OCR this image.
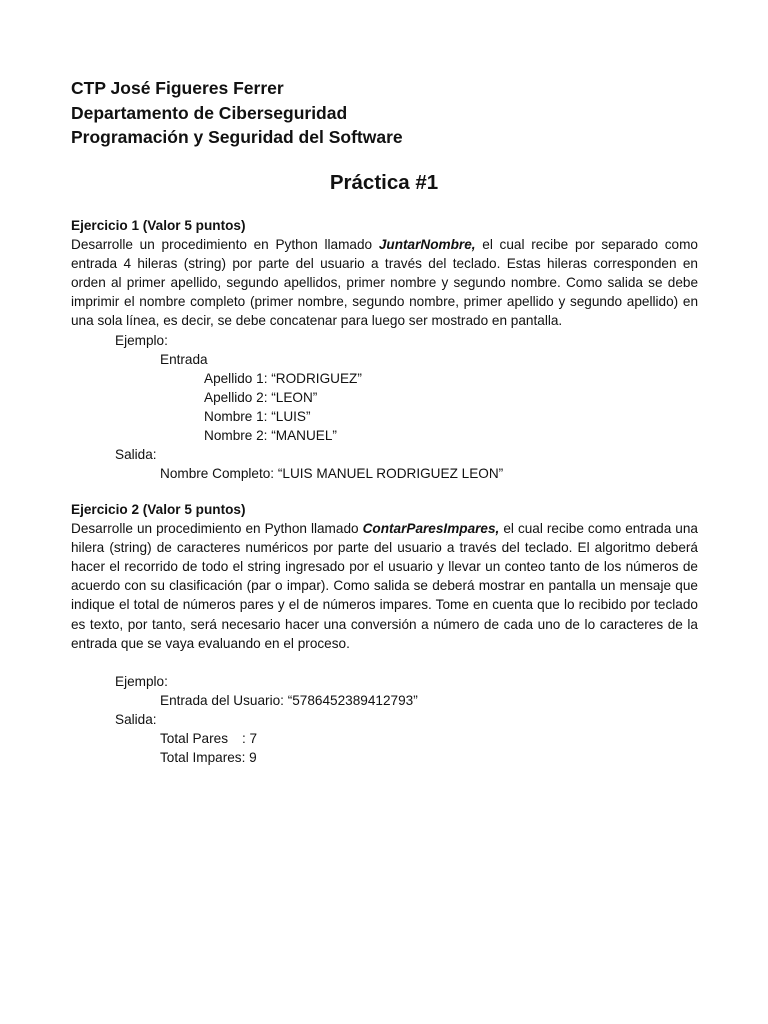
CTP José Figueres Ferrer
Departamento de Ciberseguridad
Programación y Seguridad del Software
Práctica #1
Ejercicio 1 (Valor 5 puntos)

Desarrolle un procedimiento en Python llamado JuntarNombre, el cual recibe por separado como entrada 4 hileras (string) por parte del usuario a través del teclado. Estas hileras corresponden en orden al primer apellido, segundo apellidos, primer nombre y segundo nombre. Como salida se debe imprimir el nombre completo (primer nombre, segundo nombre, primer apellido y segundo apellido) en una sola línea, es decir, se debe concatenar para luego ser mostrado en pantalla.

Ejemplo:
Entrada
Apellido 1: “RODRIGUEZ”
Apellido 2: “LEON”
Nombre 1: “LUIS”
Nombre 2: “MANUEL”
Salida:
Nombre Completo: “LUIS MANUEL RODRIGUEZ LEON”
Ejercicio 2 (Valor 5 puntos)

Desarrolle un procedimiento en Python llamado ContarParesImpares, el cual recibe como entrada una hilera (string) de caracteres numéricos por parte del usuario a través del teclado. El algoritmo deberá hacer el recorrido de todo el string ingresado por el usuario y llevar un conteo tanto de los números de acuerdo con su clasificación (par o impar). Como salida se deberá mostrar en pantalla un mensaje que indique el total de números pares y el de números impares. Tome en cuenta que lo recibido por teclado es texto, por tanto, será necesario hacer una conversión a número de cada uno de lo caracteres de la entrada que se vaya evaluando en el proceso.

Ejemplo:
Entrada del Usuario: “5786452389412793”
Salida:
Total Pares : 7
Total Impares: 9
